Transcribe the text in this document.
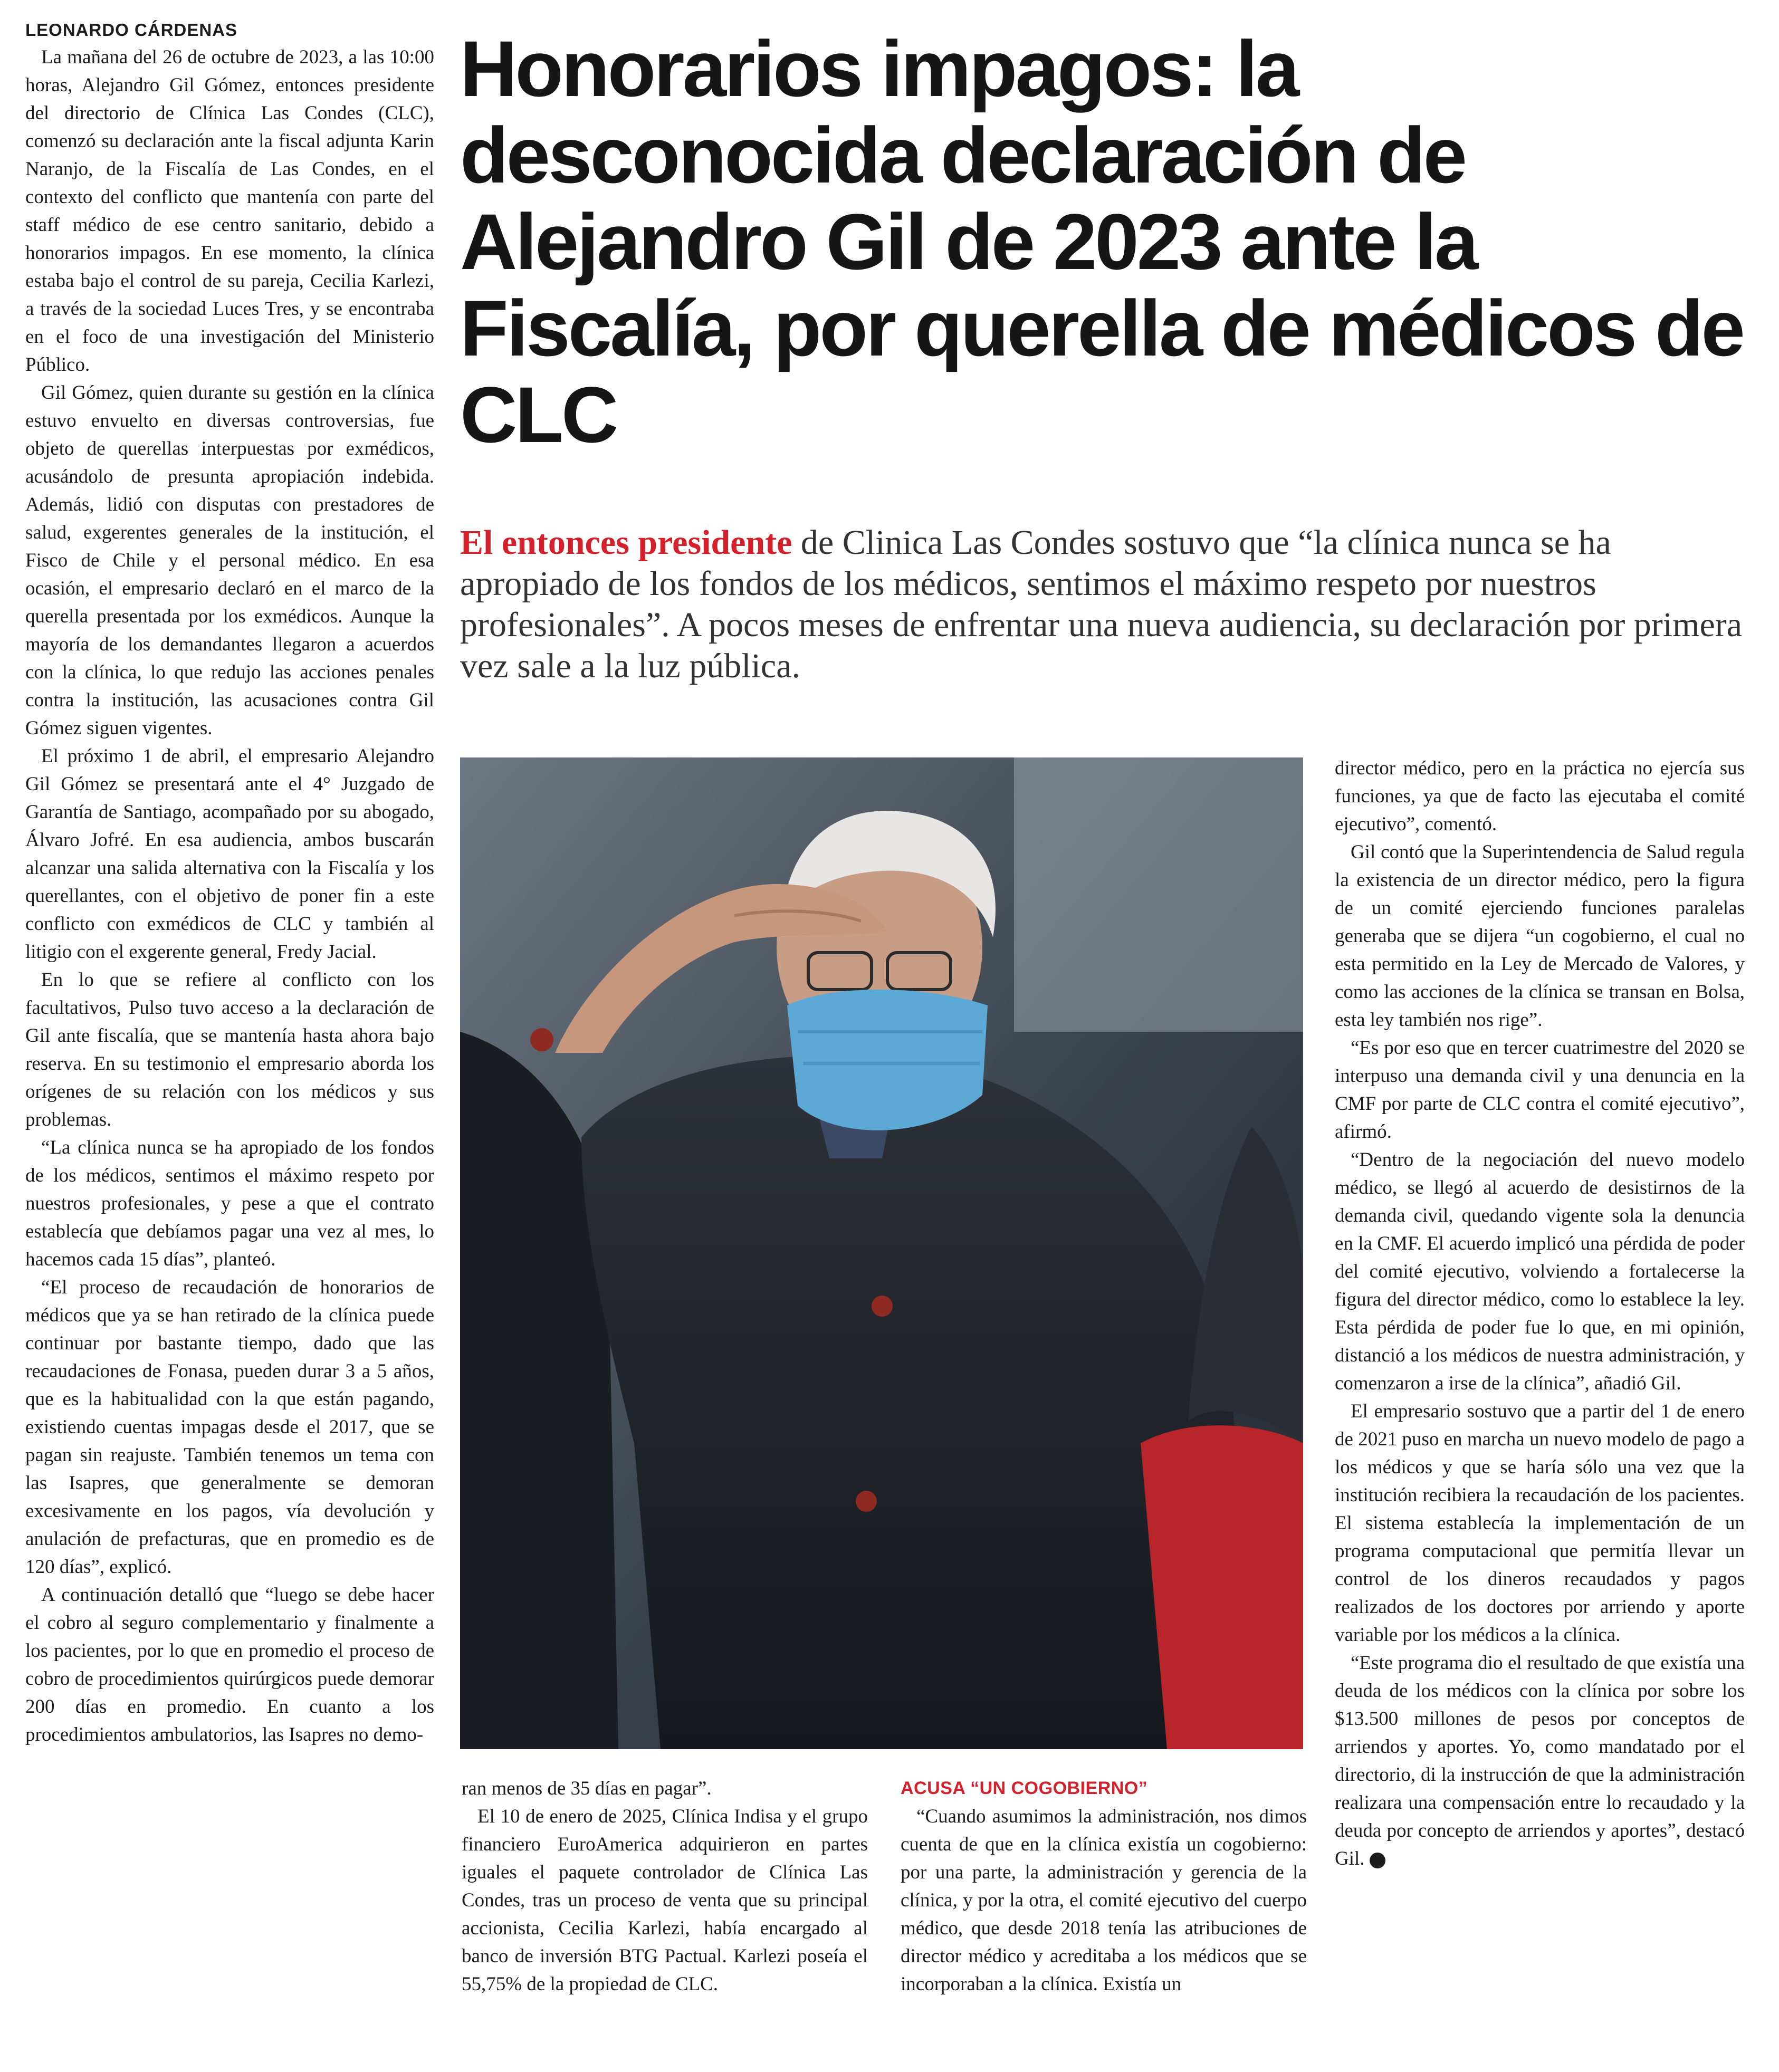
LEONARDO CÁRDENAS

La mañana del 26 de octubre de 2023, a las 10:00 horas, Alejandro Gil Gómez, entonces presidente del directorio de Clínica Las Condes (CLC), comenzó su declaración ante la fiscal adjunta Karin Naranjo, de la Fiscalía de Las Condes, en el contexto del conflicto que mantenía con parte del staff médico de ese centro sanitario, debido a honorarios impagos. En ese momento, la clínica estaba bajo el control de su pareja, Cecilia Karlezi, a través de la sociedad Luces Tres, y se encontraba en el foco de una investigación del Ministerio Público.

Gil Gómez, quien durante su gestión en la clínica estuvo envuelto en diversas controversias, fue objeto de querellas interpuestas por exmédicos, acusándolo de presunta apropiación indebida. Además, lidió con disputas con prestadores de salud, exgerentes generales de la institución, el Fisco de Chile y el personal médico. En esa ocasión, el empresario declaró en el marco de la querella presentada por los exmédicos. Aunque la mayoría de los demandantes llegaron a acuerdos con la clínica, lo que redujo las acciones penales contra la institución, las acusaciones contra Gil Gómez siguen vigentes.

El próximo 1 de abril, el empresario Alejandro Gil Gómez se presentará ante el 4° Juzgado de Garantía de Santiago, acompañado por su abogado, Álvaro Jofré. En esa audiencia, ambos buscarán alcanzar una salida alternativa con la Fiscalía y los querellantes, con el objetivo de poner fin a este conflicto con exmédicos de CLC y también al litigio con el exgerente general, Fredy Jacial.

En lo que se refiere al conflicto con los facultativos, Pulso tuvo acceso a la declaración de Gil ante fiscalía, que se mantenía hasta ahora bajo reserva. En su testimonio el empresario aborda los orígenes de su relación con los médicos y sus problemas.

“La clínica nunca se ha apropiado de los fondos de los médicos, sentimos el máximo respeto por nuestros profesionales, y pese a que el contrato establecía que debíamos pagar una vez al mes, lo hacemos cada 15 días”, planteó.

“El proceso de recaudación de honorarios de médicos que ya se han retirado de la clínica puede continuar por bastante tiempo, dado que las recaudaciones de Fonasa, pueden durar 3 a 5 años, que es la habitualidad con la que están pagando, existiendo cuentas impagas desde el 2017, que se pagan sin reajuste. También tenemos un tema con las Isapres, que generalmente se demoran excesivamente en los pagos, vía devolución y anulación de prefacturas, que en promedio es de 120 días”, explicó.

A continuación detalló que “luego se debe hacer el cobro al seguro complementario y finalmente a los pacientes, por lo que en promedio el proceso de cobro de procedimientos quirúrgicos puede demorar 200 días en promedio. En cuanto a los procedimientos ambulatorios, las Isapres no demo-

Honorarios impagos: la desconocida declaración de Alejandro Gil de 2023 ante la Fiscalía, por querella de médicos de CLC

El entonces presidente de Clinica Las Condes sostuvo que “la clínica nunca se ha apropiado de los fondos de los médicos, sentimos el máximo respeto por nuestros profesionales”. A pocos meses de enfrentar una nueva audiencia, su declaración por primera vez sale a la luz pública.

ran menos de 35 días en pagar”.

El 10 de enero de 2025, Clínica Indisa y el grupo financiero EuroAmerica adquirieron en partes iguales el paquete controlador de Clínica Las Condes, tras un proceso de venta que su principal accionista, Cecilia Karlezi, había encargado al banco de inversión BTG Pactual. Karlezi poseía el 55,75% de la propiedad de CLC.

ACUSA “UN COGOBIERNO”

“Cuando asumimos la administración, nos dimos cuenta de que en la clínica existía un cogobierno: por una parte, la administración y gerencia de la clínica, y por la otra, el comité ejecutivo del cuerpo médico, que desde 2018 tenía las atribuciones de director médico y acreditaba a los médicos que se incorporaban a la clínica. Existía un

director médico, pero en la práctica no ejercía sus funciones, ya que de facto las ejecutaba el comité ejecutivo”, comentó.

Gil contó que la Superintendencia de Salud regula la existencia de un director médico, pero la figura de un comité ejerciendo funciones paralelas generaba que se dijera “un cogobierno, el cual no esta permitido en la Ley de Mercado de Valores, y como las acciones de la clínica se transan en Bolsa, esta ley también nos rige”.

“Es por eso que en tercer cuatrimestre del 2020 se interpuso una demanda civil y una denuncia en la CMF por parte de CLC contra el comité ejecutivo”, afirmó.

“Dentro de la negociación del nuevo modelo médico, se llegó al acuerdo de desistirnos de la demanda civil, quedando vigente sola la denuncia en la CMF. El acuerdo implicó una pérdida de poder del comité ejecutivo, volviendo a fortalecerse la figura del director médico, como lo establece la ley. Esta pérdida de poder fue lo que, en mi opinión, distanció a los médicos de nuestra administración, y comenzaron a irse de la clínica”, añadió Gil.

El empresario sostuvo que a partir del 1 de enero de 2021 puso en marcha un nuevo modelo de pago a los médicos y que se haría sólo una vez que la institución recibiera la recaudación de los pacientes. El sistema establecía la implementación de un programa computacional que permitía llevar un control de los dineros recaudados y pagos realizados de los doctores por arriendo y aporte variable por los médicos a la clínica.

“Este programa dio el resultado de que existía una deuda de los médicos con la clínica por sobre los $13.500 millones de pesos por conceptos de arriendos y aportes. Yo, como mandatado por el directorio, di la instrucción de que la administración realizara una compensación entre lo recaudado y la deuda por concepto de arriendos y aportes”, destacó Gil. P
